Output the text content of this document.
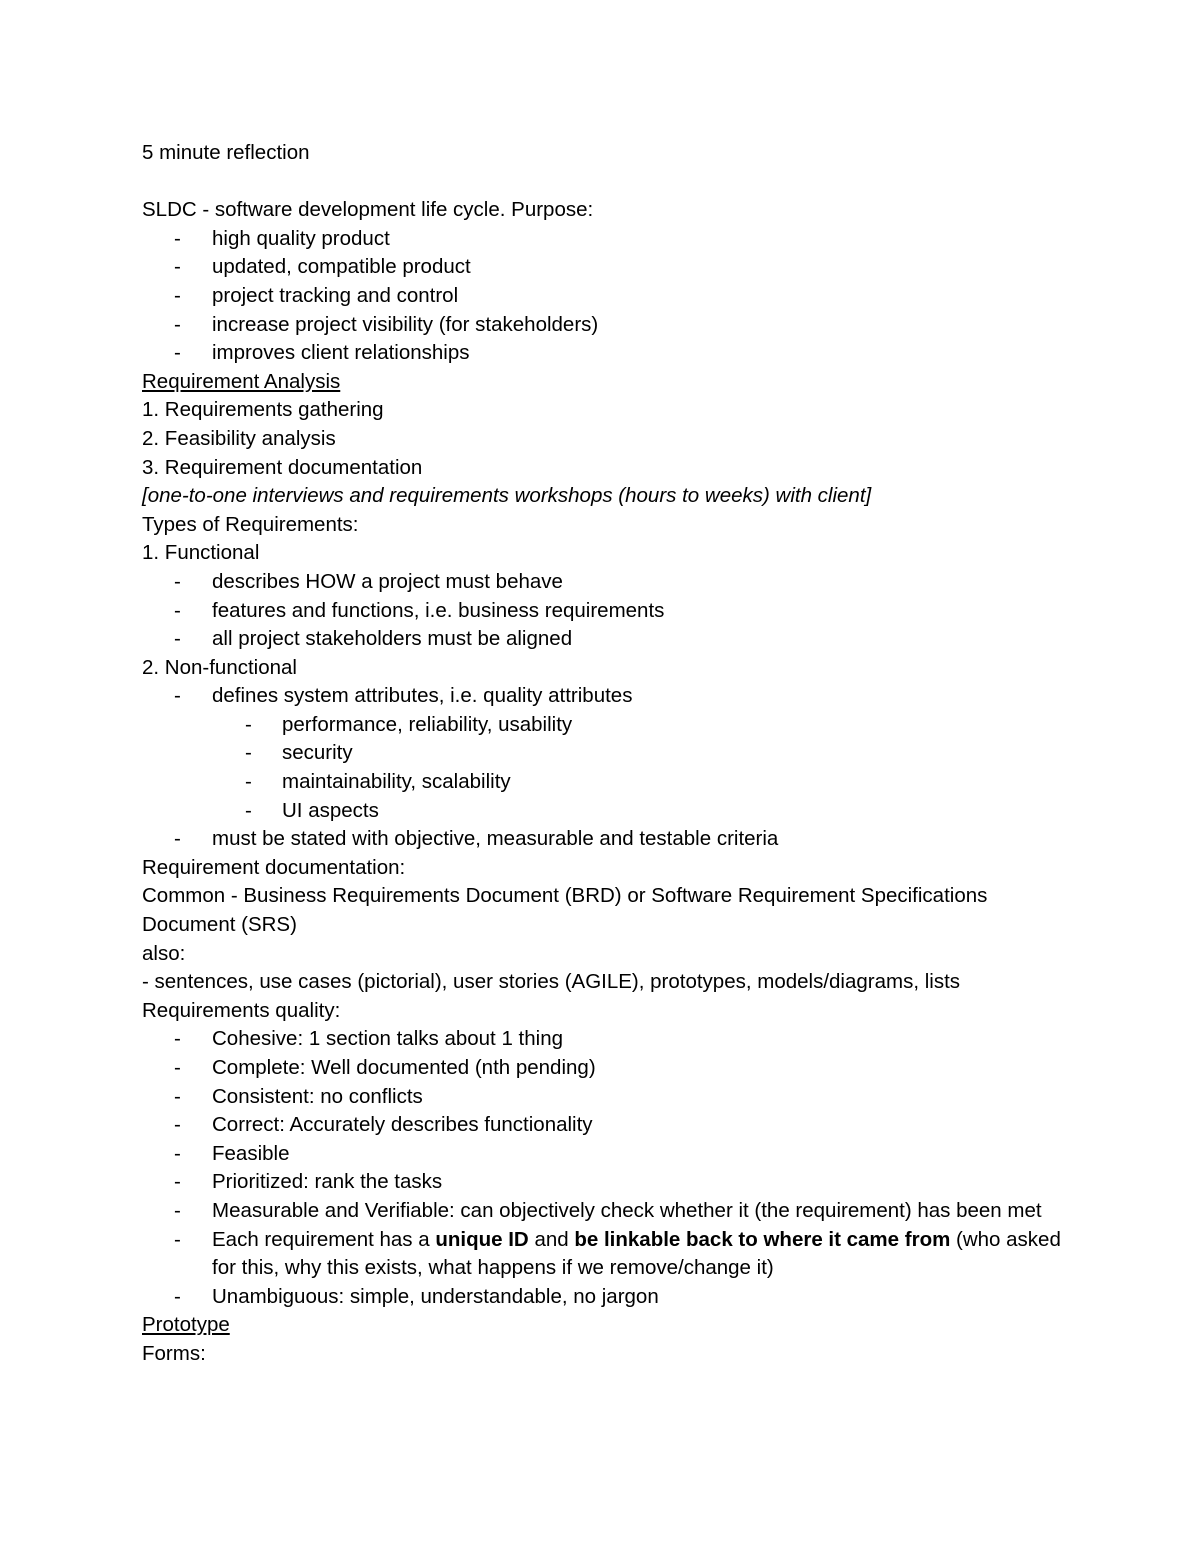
5 minute reflection
SLDC - software development life cycle. Purpose:
- high quality product
- updated, compatible product
- project tracking and control
- increase project visibility (for stakeholders)
- improves client relationships
Requirement Analysis
1. Requirements gathering
2. Feasibility analysis
3. Requirement documentation
[one-to-one interviews and requirements workshops (hours to weeks) with client]
Types of Requirements:
1. Functional
- describes HOW a project must behave
- features and functions, i.e. business requirements
- all project stakeholders must be aligned
2. Non-functional
- defines system attributes, i.e. quality attributes
- performance, reliability, usability
- security
- maintainability, scalability
- UI aspects
- must be stated with objective, measurable and testable criteria
Requirement documentation:
Common - Business Requirements Document (BRD) or Software Requirement Specifications Document (SRS)
also:
- sentences, use cases (pictorial), user stories (AGILE), prototypes, models/diagrams, lists
Requirements quality:
- Cohesive: 1 section talks about 1 thing
- Complete: Well documented (nth pending)
- Consistent: no conflicts
- Correct: Accurately describes functionality
- Feasible
- Prioritized: rank the tasks
- Measurable and Verifiable: can objectively check whether it (the requirement) has been met
- Each requirement has a unique ID and be linkable back to where it came from (who asked for this, why this exists, what happens if we remove/change it)
- Unambiguous: simple, understandable, no jargon
Prototype
Forms:
